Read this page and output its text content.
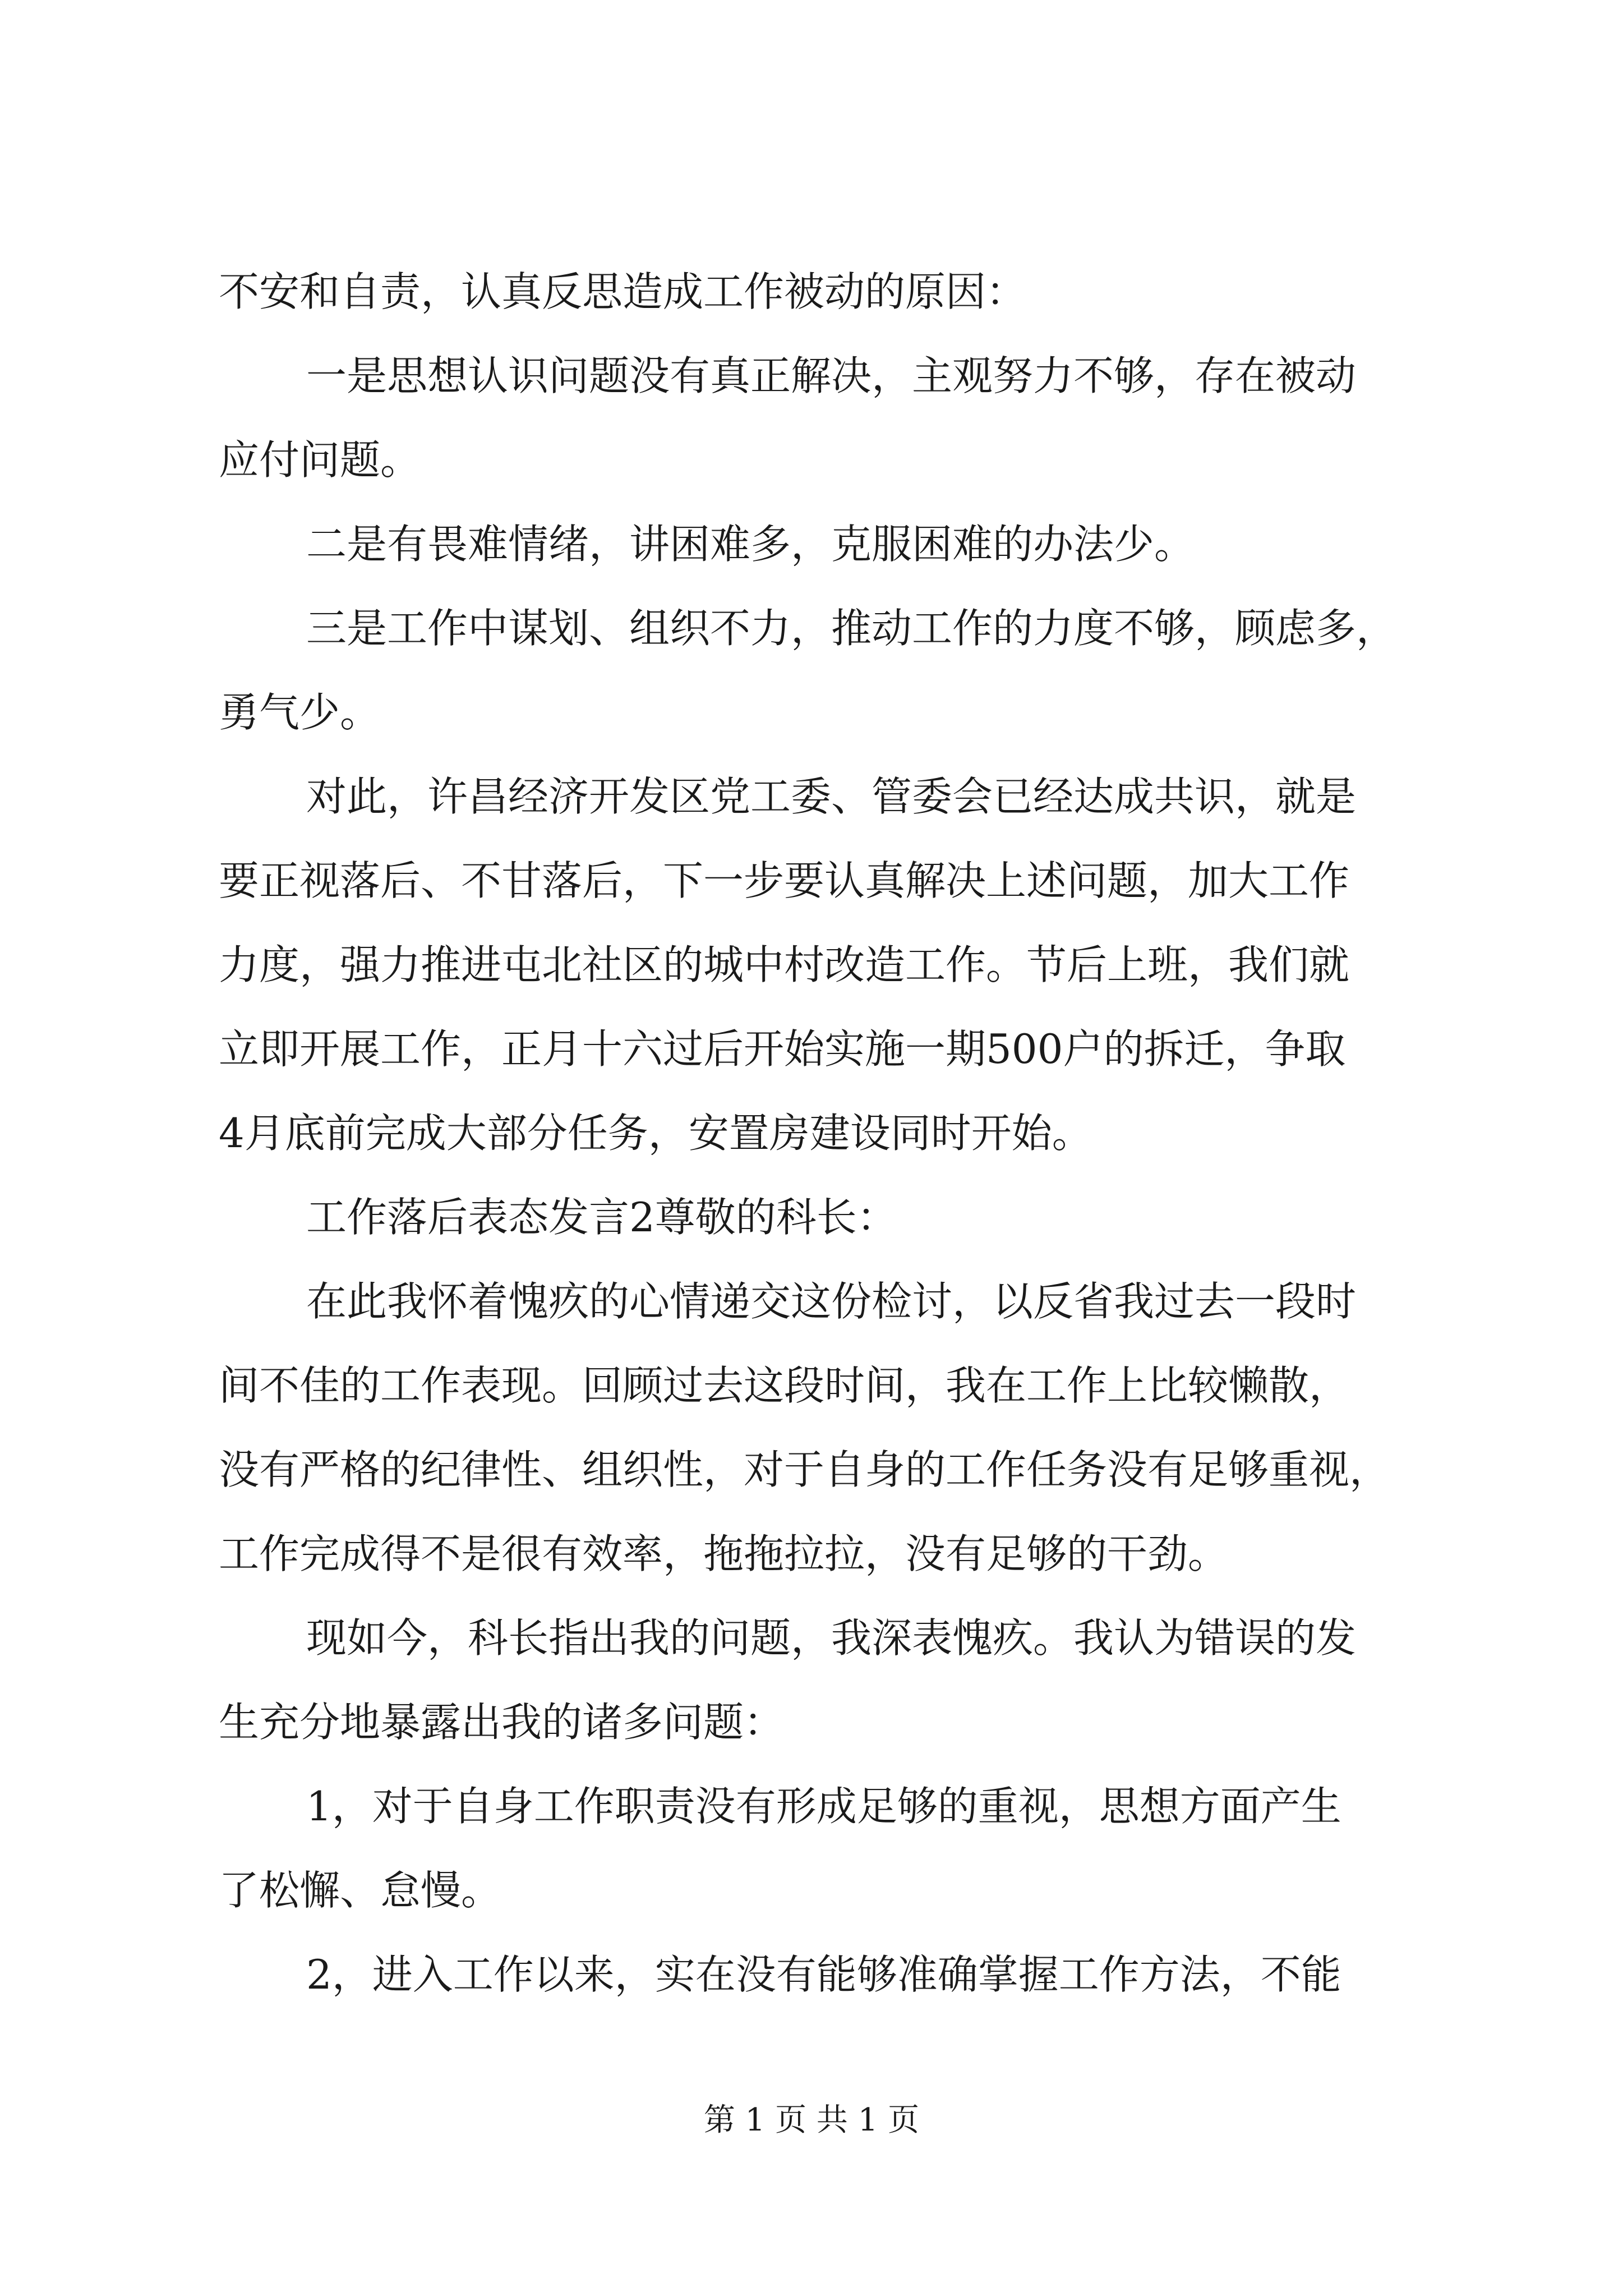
不安和自责，认真反思造成工作被动的原因：
一是思想认识问题没有真正解决，主观努力不够，存在被动
应付问题。
二是有畏难情绪，讲困难多，克服困难的办法少。
三是工作中谋划、组织不力，推动工作的力度不够，顾虑多，
勇气少。
对此，许昌经济开发区党工委、管委会已经达成共识，就是
要正视落后、不甘落后，下一步要认真解决上述问题，加大工作
力度，强力推进屯北社区的城中村改造工作。节后上班，我们就
立即开展工作，正月十六过后开始实施一期500户的拆迁，争取
4月底前完成大部分任务，安置房建设同时开始。
工作落后表态发言2尊敬的科长：
在此我怀着愧疚的心情递交这份检讨，以反省我过去一段时
间不佳的工作表现。回顾过去这段时间，我在工作上比较懒散，
没有严格的纪律性、组织性，对于自身的工作任务没有足够重视，
工作完成得不是很有效率，拖拖拉拉，没有足够的干劲。
现如今，科长指出我的问题，我深表愧疚。我认为错误的发
生充分地暴露出我的诸多问题：
1，对于自身工作职责没有形成足够的重视，思想方面产生
了松懈、怠慢。
2，进入工作以来，实在没有能够准确掌握工作方法，不能
第 1 页 共 1 页
